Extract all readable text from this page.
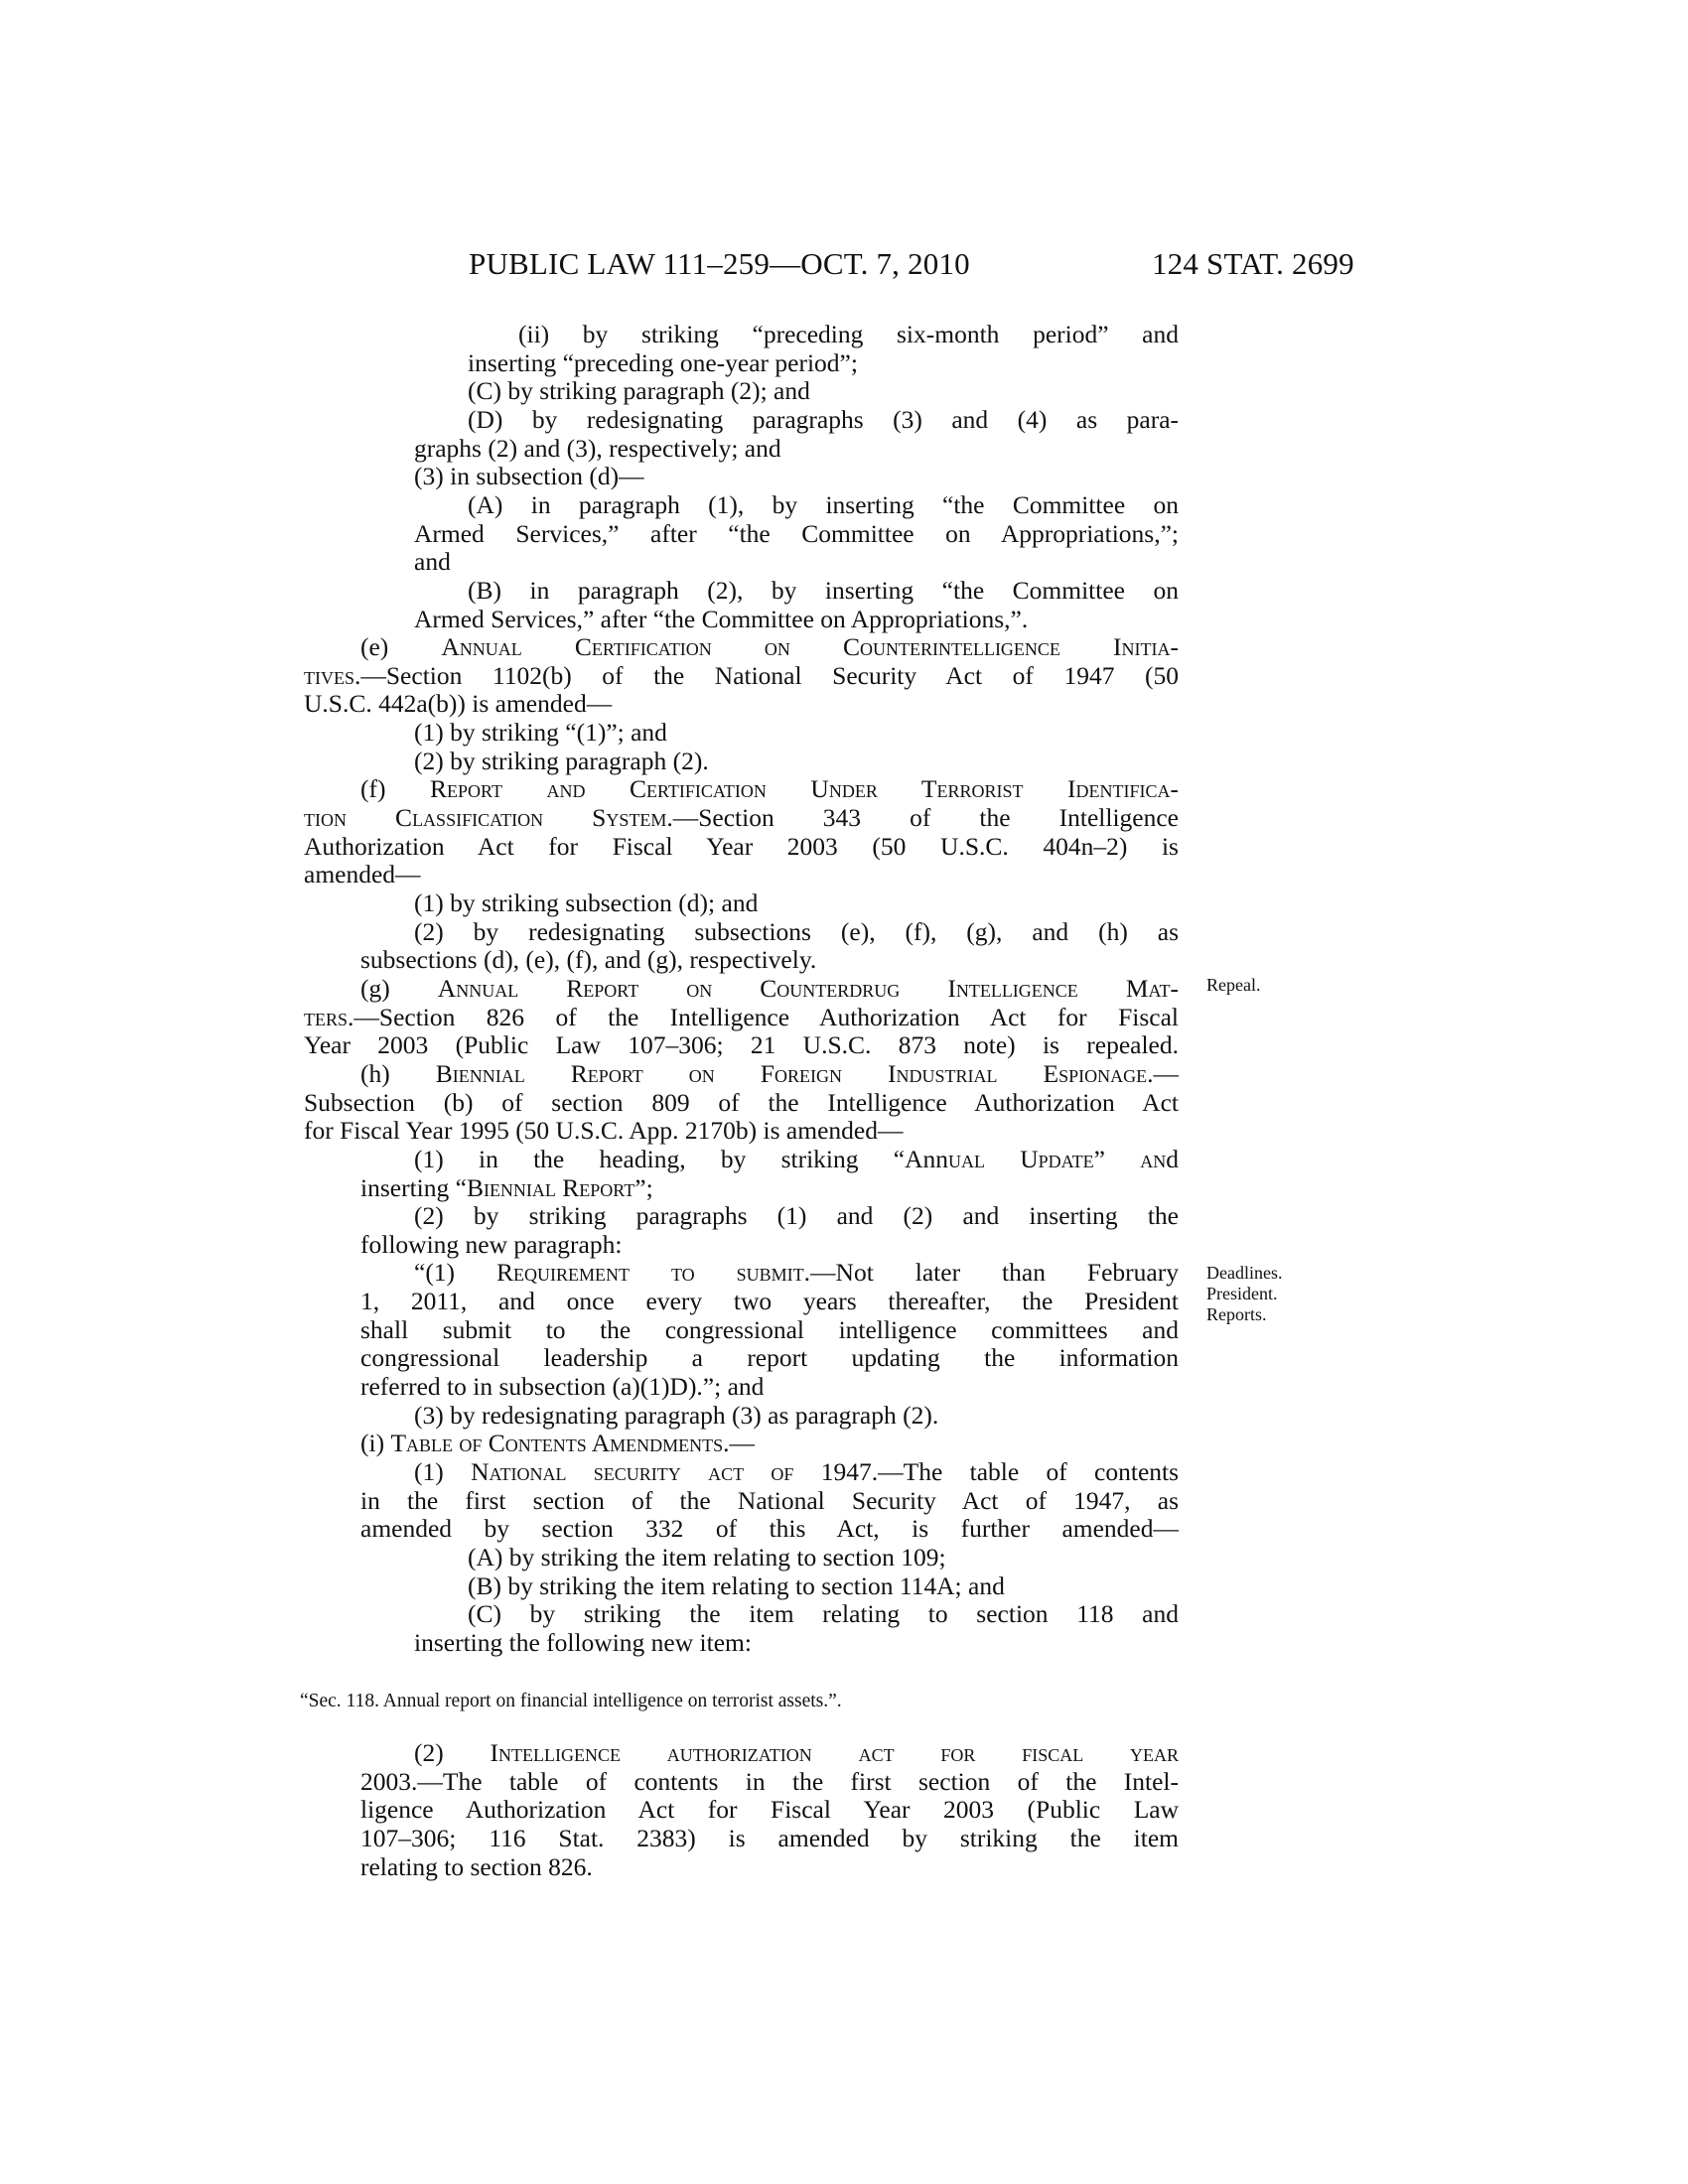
PUBLIC LAW 111–259—OCT. 7, 2010	124 STAT. 2699
(ii) by striking “preceding six-month period” and
inserting “preceding one-year period”;
(C) by striking paragraph (2); and
(D) by redesignating paragraphs (3) and (4) as para-
graphs (2) and (3), respectively; and
(3) in subsection (d)—
(A) in paragraph (1), by inserting “the Committee on
Armed Services,” after “the Committee on Appropriations,”;
and
(B) in paragraph (2), by inserting “the Committee on
Armed Services,” after “the Committee on Appropriations,”.
(e) Annual Certification on Counterintelligence Initia-
tives.—Section 1102(b) of the National Security Act of 1947 (50
U.S.C. 442a(b)) is amended—
(1) by striking “(1)”; and
(2) by striking paragraph (2).
(f) Report and Certification Under Terrorist Identifica-
tion Classification System.—Section 343 of the Intelligence
Authorization Act for Fiscal Year 2003 (50 U.S.C. 404n–2) is
amended—
(1) by striking subsection (d); and
(2) by redesignating subsections (e), (f), (g), and (h) as
subsections (d), (e), (f), and (g), respectively.
(g) Annual Report on Counterdrug Intelligence Mat-
ters.—Section 826 of the Intelligence Authorization Act for Fiscal
Year 2003 (Public Law 107–306; 21 U.S.C. 873 note) is repealed.
(h) Biennial Report on Foreign Industrial Espionage.—
Subsection (b) of section 809 of the Intelligence Authorization Act
for Fiscal Year 1995 (50 U.S.C. App. 2170b) is amended—
(1) in the heading, by striking “Annual Update” and
inserting “Biennial Report”;
(2) by striking paragraphs (1) and (2) and inserting the
following new paragraph:
“(1) Requirement to submit.—Not later than February
1, 2011, and once every two years thereafter, the President
shall submit to the congressional intelligence committees and
congressional leadership a report updating the information
referred to in subsection (a)(1)D).”; and
(3) by redesignating paragraph (3) as paragraph (2).
(i) Table of Contents Amendments.—
(1) National security act of 1947.—The table of contents
in the first section of the National Security Act of 1947, as
amended by section 332 of this Act, is further amended—
(A) by striking the item relating to section 109;
(B) by striking the item relating to section 114A; and
(C) by striking the item relating to section 118 and
inserting the following new item:
Repeal.
Deadlines.
President.
Reports.
“Sec. 118. Annual report on financial intelligence on terrorist assets.”.
(2) Intelligence authorization act for fiscal year
2003.—The table of contents in the first section of the Intel-
ligence Authorization Act for Fiscal Year 2003 (Public Law
107–306; 116 Stat. 2383) is amended by striking the item
relating to section 826.
